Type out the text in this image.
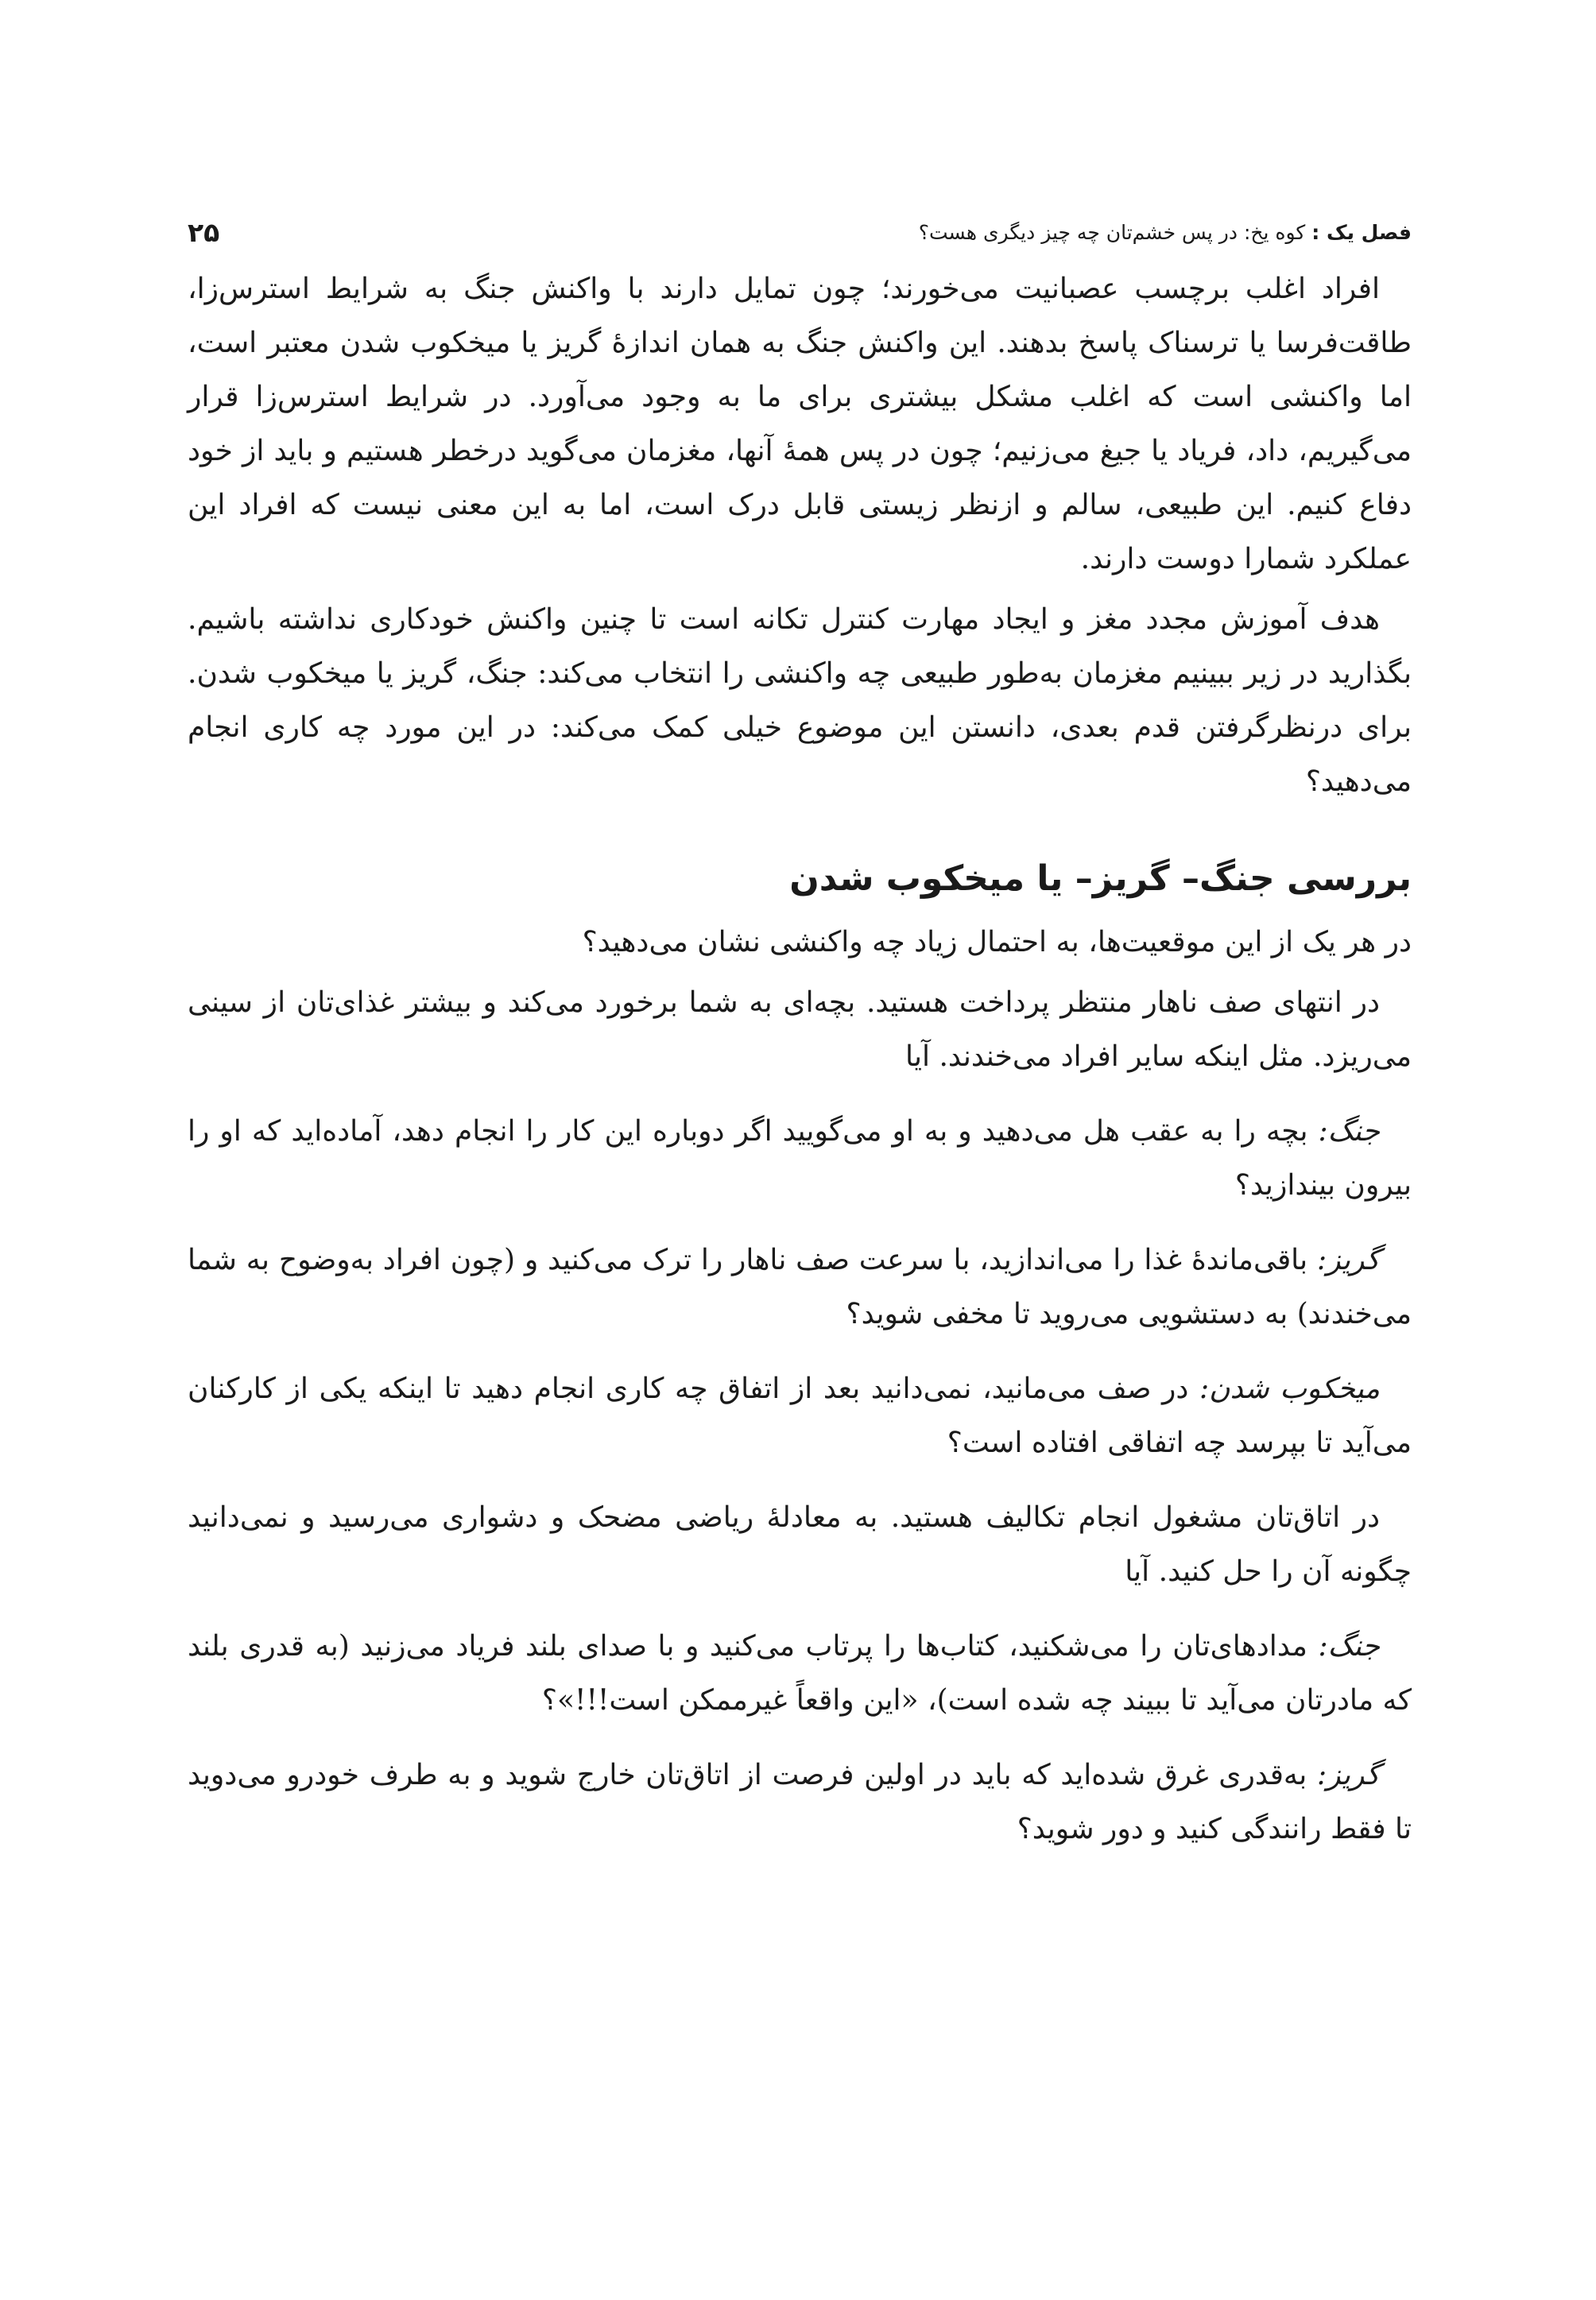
فصل یک : کوه یخ: در پس خشم‌تان چه چیز دیگری هست؟
۲۵

افراد اغلب برچسب عصبانیت می‌خورند؛ چون تمایل دارند با واکنش جنگ به شرایط استرس‌زا، طاقت‌فرسا یا ترسناک پاسخ بدهند. این واکنش جنگ به همان اندازهٔ گریز یا میخکوب شدن معتبر است، اما واکنشی است که اغلب مشکل بیشتری برای ما به وجود می‌آورد. در شرایط استرس‌زا قرار می‌گیریم، داد، فریاد یا جیغ می‌زنیم؛ چون در پس همهٔ آنها، مغزمان می‌گوید درخطر هستیم و باید از خود دفاع کنیم. این طبیعی، سالم و ازنظر زیستی قابل درک است، اما به این معنی نیست که افراد این عملکرد شمارا دوست دارند.

هدف آموزش مجدد مغز و ایجاد مهارت کنترل تکانه است تا چنین واکنش خودکاری نداشته باشیم. بگذارید در زیر ببینیم مغزمان به‌طور طبیعی چه واکنشی را انتخاب می‌کند: جنگ، گریز یا میخکوب شدن. برای درنظرگرفتن قدم بعدی، دانستن این موضوع خیلی کمک می‌کند: در این مورد چه کاری انجام می‌دهید؟

بررسی جنگ– گریز– یا میخکوب شدن

در هر یک از این موقعیت‌ها، به احتمال زیاد چه واکنشی نشان می‌دهید؟

در انتهای صف ناهار منتظر پرداخت هستید. بچه‌ای به شما برخورد می‌کند و بیشتر غذای‌تان از سینی می‌ریزد. مثل اینکه سایر افراد می‌خندند. آیا

جنگ: بچه را به عقب هل می‌دهید و به او می‌گویید اگر دوباره این کار را انجام دهد، آماده‌اید که او را بیرون بیندازید؟

گریز: باقی‌ماندهٔ غذا را می‌اندازید، با سرعت صف ناهار را ترک می‌کنید و (چون افراد به‌وضوح به شما می‌خندند) به دستشویی می‌روید تا مخفی شوید؟

میخکوب شدن: در صف می‌مانید، نمی‌دانید بعد از اتفاق چه کاری انجام دهید تا اینکه یکی از کارکنان می‌آید تا بپرسد چه اتفاقی افتاده است؟

در اتاق‌تان مشغول انجام تکالیف هستید. به معادلهٔ ریاضی مضحک و دشواری می‌رسید و نمی‌دانید چگونه آن را حل کنید. آیا

جنگ: مدادهای‌تان را می‌شکنید، کتاب‌ها را پرتاب می‌کنید و با صدای بلند فریاد می‌زنید (به قدری بلند که مادرتان می‌آید تا ببیند چه شده است)، «این واقعاً غیرممکن است!!!»؟

گریز: به‌قدری غرق شده‌اید که باید در اولین فرصت از اتاق‌تان خارج شوید و به طرف خودرو می‌دوید تا فقط رانندگی کنید و دور شوید؟
